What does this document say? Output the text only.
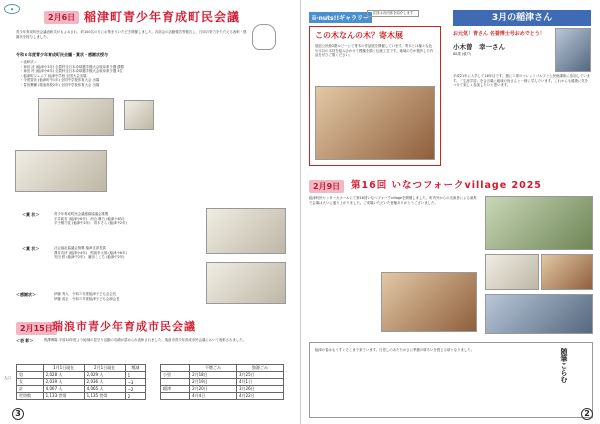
●
2月6日 稲津町青少年育成町民会議
青少年育成町民会議表彰式がもよおされ、約100名の方にお集まりいただき開催しました。各部会の活動報告等報告し、日頃の努力をたたえる表彰・感謝状を授与しました。
令和６年度青少年育成町民会議・賞状・感謝状授与
＜表彰状＞
・神田 洸 (稲津小3年) 全農杯全日本卓球選手権大会岐阜県予選 優勝
・神田 玲 (稲津小6年) 全農杯全日本卓球選手権大会岐阜県予選 3位
・稲津町ジュニア 稲津中学校 全国大会出場
・今度智音 (稲津町中1年) 全国中学校体育大会 出場
・豊田蒼瀬 (瑞浪高校2年) 全国中学校体育大会 出場
＜賞 状＞	青少年育成町民会議連絡協議会推薦
宇井莉音 (稲津小6年)　河合 琳乃 (稲津小6年)
平子穂乃花 (稲津中2年)　青木そら (稲津中2年)
＜賞 状＞	社会福祉協議会推薦 稲津支部長賞
澤井功伊 (稲津小4年)　熊坂孝太郎 (稲津小6年)
安田 桜 (稲津中2年)　藤田ここち (稲津中2年)
＜感謝状＞	伊藤 秀人　令和５年度稲津子ども会会長
伊藤 成正　令和５年度稲津子ども会副会長
2月15日 瑞浪市青少年育成市民会議
＜表 彰＞	熊澤博隆 平成30年度より地域の見守り活動の功績が認められ表彰されました。瑞浪市青少年育成市民会議において表彰されました。
	1月1日現在	2月1日現在	増減
男	2,028 人	2,029 人	1
女	2,039 人	2,036 人	−3
計	4,067 人	4,065 人	−2
世帯数	1,133 世帯	1,135 世帯	2
人口
	不燃ごみ	資源ごみ
小里	2月18日	3月25日
	2月19日	4月1日
稲津	2月20日	3月26日
	4月4日	4月22日
3
ii-nuts!!ギャラリー
次回は各団体を紹介します
この木なんの木？寄木展
瑞浪公民館2階ロビーにて寄木の作品展を開催しています。寄木とは様々な色や木目の木材を組み合わせて模様を描く伝統工芸です。地域の方が製作した作品をぜひご覧ください。
3月の稲津さん
お元気！青さん 名誉博士号おめでとう！
小木曽　幸一さん
80歳 (萩戸)
平成21年に入学して16年目です。週に１度のマレットゴルフと公民館講座に参加しています。「生涯学習」を合言葉に地域の皆さんと一緒に学んでいます。これからも健康に気をつけて楽しく参加したいと思います。
2月9日	第16回 いなつフォークvillage 2025
稲津町民センター大ホールにて第16回いなつフォークvillageを開催しました。町内外からの出演者による演奏で会場は大いに盛り上がりました。ご来場いただいた皆様ありがとうございました。
随筆こらむ
稲津の春はもうすぐそこまで来ています。日差しのあたたかさに季節の移ろいを感じる頃となりました。
2
